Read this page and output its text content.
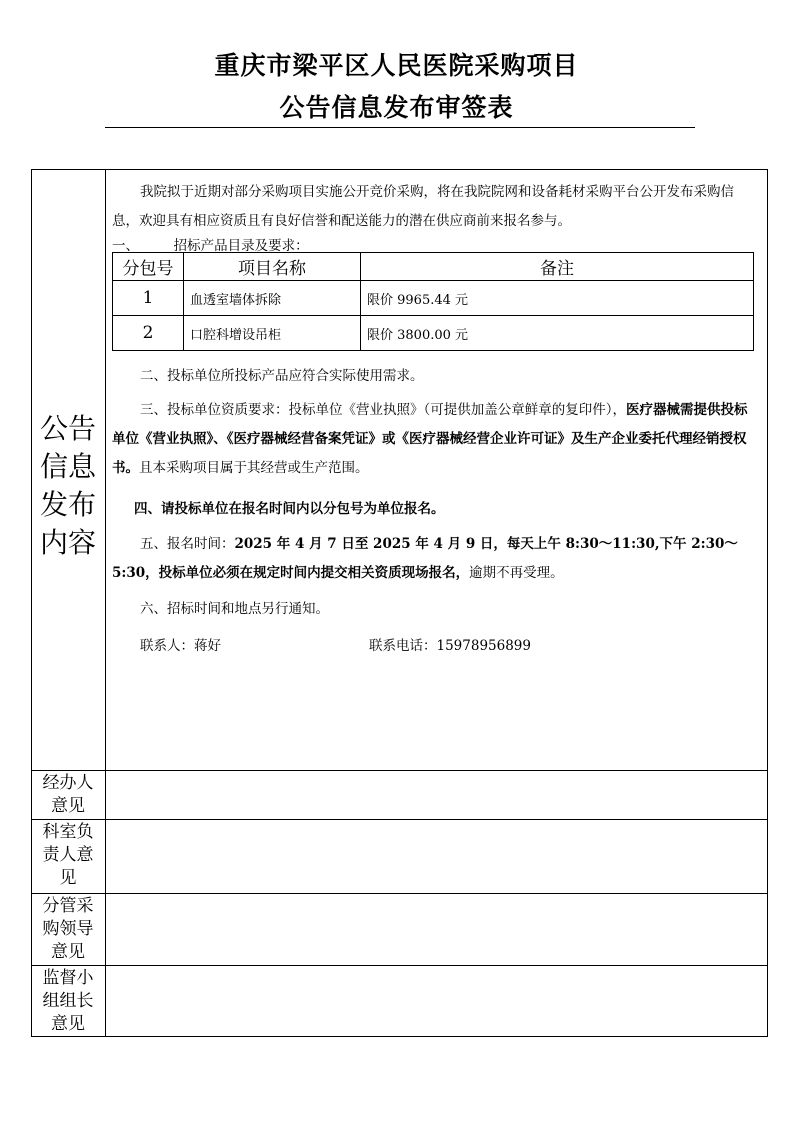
重庆市梁平区人民医院采购项目
公告信息发布审签表
公告
信息
发布
内容
我院拟于近期对部分采购项目实施公开竞价采购，将在我院院网和设备耗材采购平台公开发布采购信息，欢迎具有相应资质且有良好信誉和配送能力的潜在供应商前来报名参与。
一、	招标产品目录及要求：
分包号	项目名称	备注
1	血透室墙体拆除	限价 9965.44 元
2	口腔科增设吊柜	限价 3800.00 元
二、投标单位所投标产品应符合实际使用需求。
三、投标单位资质要求：投标单位《营业执照》（可提供加盖公章鲜章的复印件），医疗器械需提供投标单位《营业执照》、《医疗器械经营备案凭证》或《医疗器械经营企业许可证》及生产企业委托代理经销授权书。且本采购项目属于其经营或生产范围。
四、请投标单位在报名时间内以分包号为单位报名。
五、报名时间：2025 年 4 月 7 日至 2025 年 4 月 9 日，每天上午 8:30～11:30,下午 2:30～5:30，投标单位必须在规定时间内提交相关资质现场报名，逾期不再受理。
六、招标时间和地点另行通知。
联系人：蒋好	联系电话：15978956899
经办人
意见
科室负
责人意
见
分管采
购领导
意见
监督小
组组长
意见
